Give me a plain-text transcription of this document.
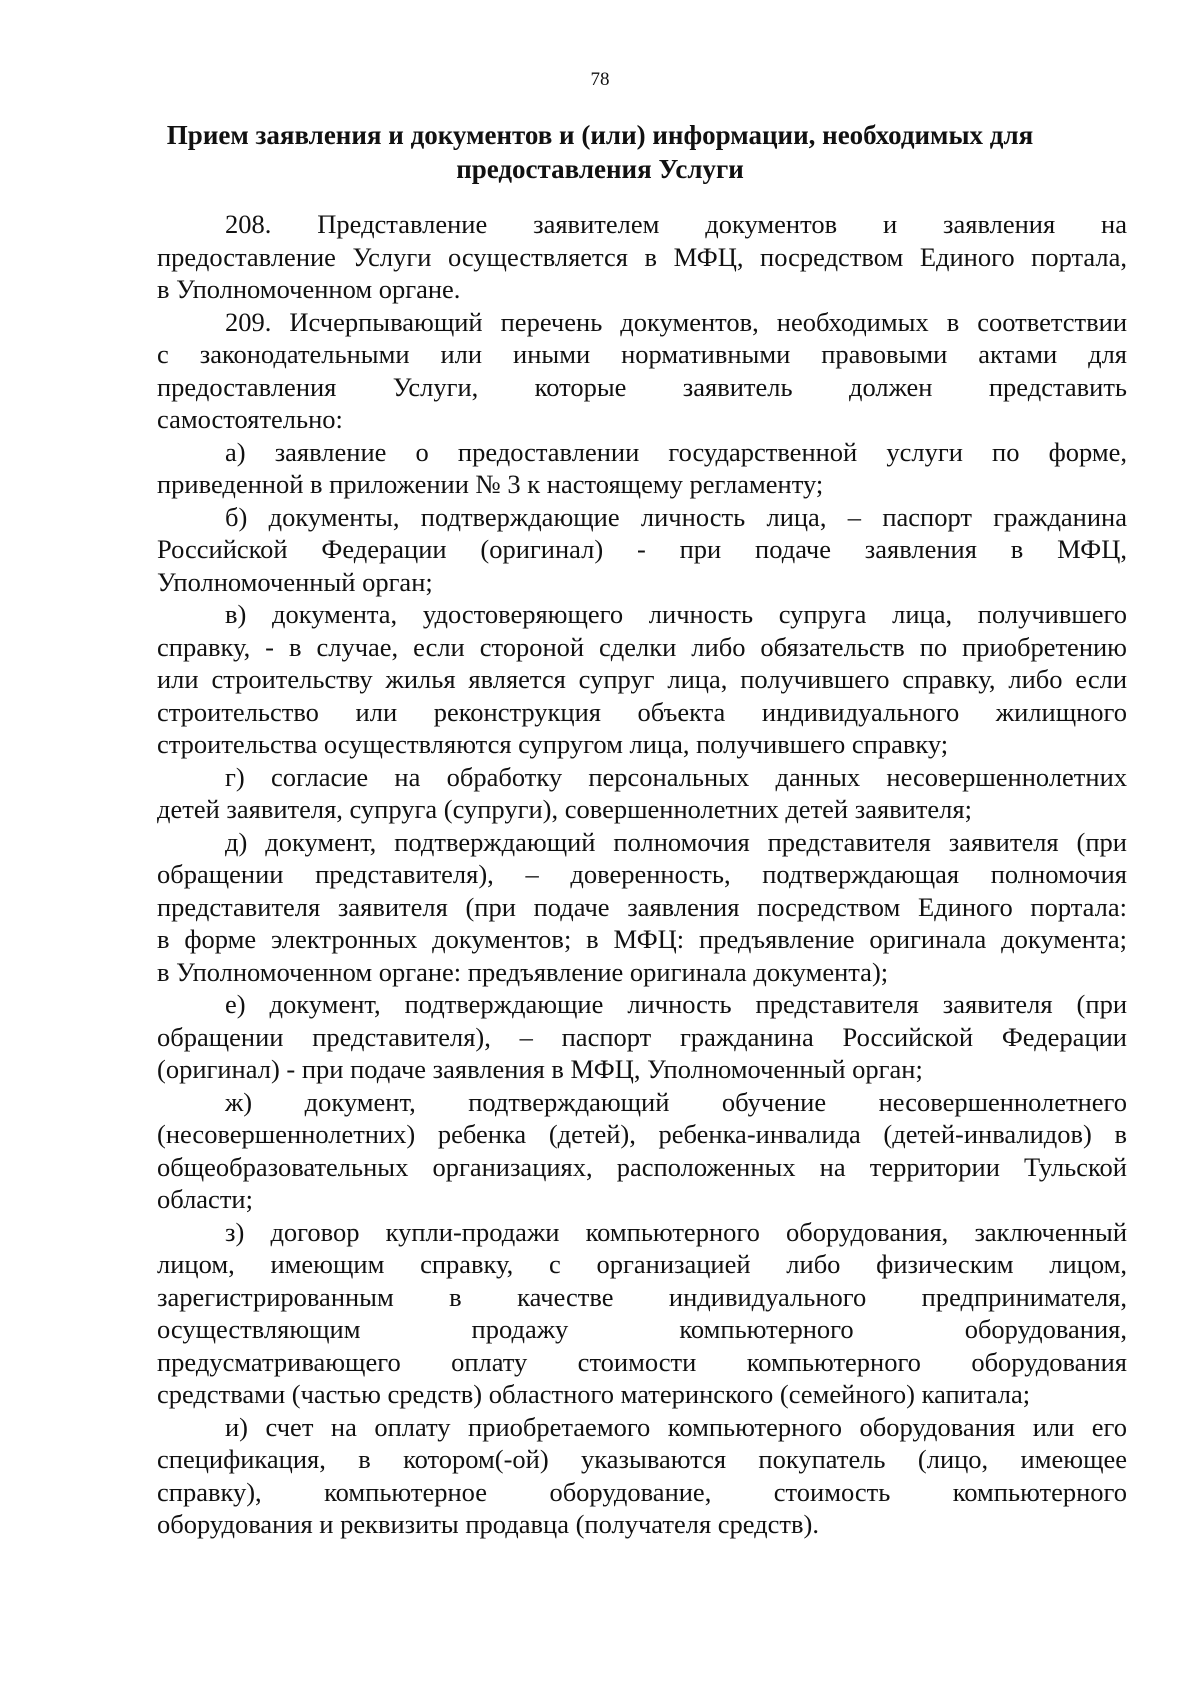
78
Прием заявления и документов и (или) информации, необходимых для
предоставления Услуги
208. Представление заявителем документов и заявления на
предоставление Услуги осуществляется в МФЦ, посредством Единого портала,
в Уполномоченном органе.
209. Исчерпывающий перечень документов, необходимых в соответствии
с законодательными или иными нормативными правовыми актами для
предоставления Услуги, которые заявитель должен представить
самостоятельно:
а) заявление о предоставлении государственной услуги по форме,
приведенной в приложении № 3 к настоящему регламенту;
б) документы, подтверждающие личность лица, – паспорт гражданина
Российской Федерации (оригинал) - при подаче заявления в МФЦ,
Уполномоченный орган;
в) документа, удостоверяющего личность супруга лица, получившего
справку, - в случае, если стороной сделки либо обязательств по приобретению
или строительству жилья является супруг лица, получившего справку, либо если
строительство или реконструкция объекта индивидуального жилищного
строительства осуществляются супругом лица, получившего справку;
г) согласие на обработку персональных данных несовершеннолетних
детей заявителя, супруга (супруги), совершеннолетних детей заявителя;
д) документ, подтверждающий полномочия представителя заявителя (при
обращении представителя), – доверенность, подтверждающая полномочия
представителя заявителя (при подаче заявления посредством Единого портала:
в форме электронных документов; в МФЦ: предъявление оригинала документа;
в Уполномоченном органе: предъявление оригинала документа);
е) документ, подтверждающие личность представителя заявителя (при
обращении представителя), – паспорт гражданина Российской Федерации
(оригинал) - при подаче заявления в МФЦ, Уполномоченный орган;
ж) документ, подтверждающий обучение несовершеннолетнего
(несовершеннолетних) ребенка (детей), ребенка-инвалида (детей-инвалидов) в
общеобразовательных организациях, расположенных на территории Тульской
области;
з) договор купли-продажи компьютерного оборудования, заключенный
лицом, имеющим справку, с организацией либо физическим лицом,
зарегистрированным в качестве индивидуального предпринимателя,
осуществляющим продажу компьютерного оборудования,
предусматривающего оплату стоимости компьютерного оборудования
средствами (частью средств) областного материнского (семейного) капитала;
и) счет на оплату приобретаемого компьютерного оборудования или его
спецификация, в котором(-ой) указываются покупатель (лицо, имеющее
справку), компьютерное оборудование, стоимость компьютерного
оборудования и реквизиты продавца (получателя средств).
